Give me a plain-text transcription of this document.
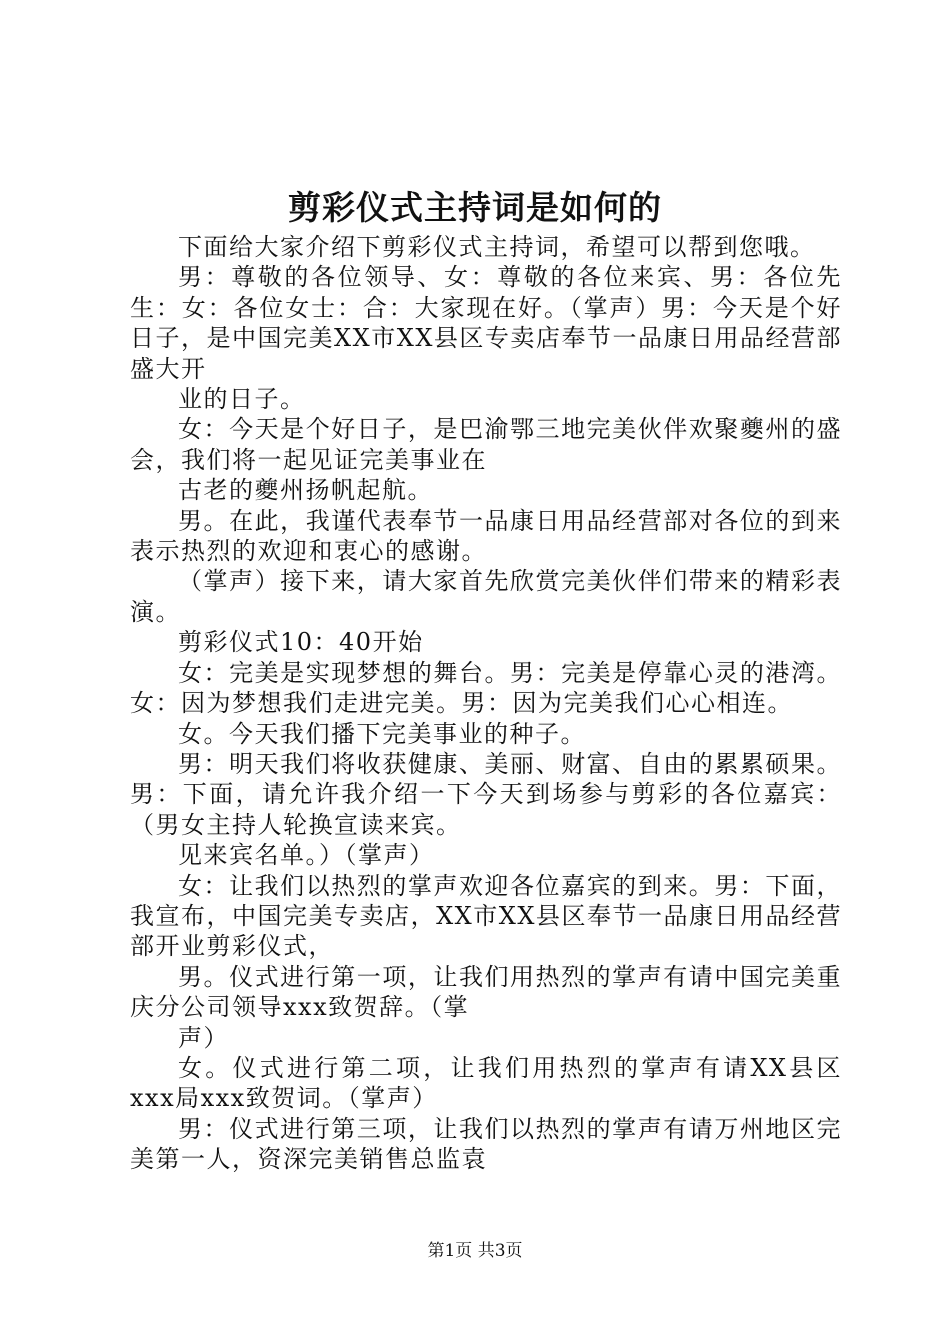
剪彩仪式主持词是如何的

下面给大家介绍下剪彩仪式主持词，希望可以帮到您哦。

男：尊敬的各位领导、女：尊敬的各位来宾、男：各位先生：女：各位女士：合：大家现在好。（掌声）男：今天是个好日子，是中国完美XX市XX县区专卖店奉节一品康日用品经营部盛大开

业的日子。

女：今天是个好日子，是巴渝鄂三地完美伙伴欢聚夔州的盛会，我们将一起见证完美事业在

古老的夔州扬帆起航。

男。在此，我谨代表奉节一品康日用品经营部对各位的到来表示热烈的欢迎和衷心的感谢。

（掌声）接下来，请大家首先欣赏完美伙伴们带来的精彩表演。

剪彩仪式10：40开始

女：完美是实现梦想的舞台。男：完美是停靠心灵的港湾。女：因为梦想我们走进完美。男：因为完美我们心心相连。

女。今天我们播下完美事业的种子。

男：明天我们将收获健康、美丽、财富、自由的累累硕果。男：下面，请允许我介绍一下今天到场参与剪彩的各位嘉宾：（男女主持人轮换宣读来宾。

见来宾名单。）（掌声）

女：让我们以热烈的掌声欢迎各位嘉宾的到来。男：下面，我宣布，中国完美专卖店，XX市XX县区奉节一品康日用品经营部开业剪彩仪式，

男。仪式进行第一项，让我们用热烈的掌声有请中国完美重庆分公司领导xxx致贺辞。（掌

声）

女。仪式进行第二项，让我们用热烈的掌声有请XX县区xxx局xxx致贺词。（掌声）

男：仪式进行第三项，让我们以热烈的掌声有请万州地区完美第一人，资深完美销售总监袁

第1页 共3页
